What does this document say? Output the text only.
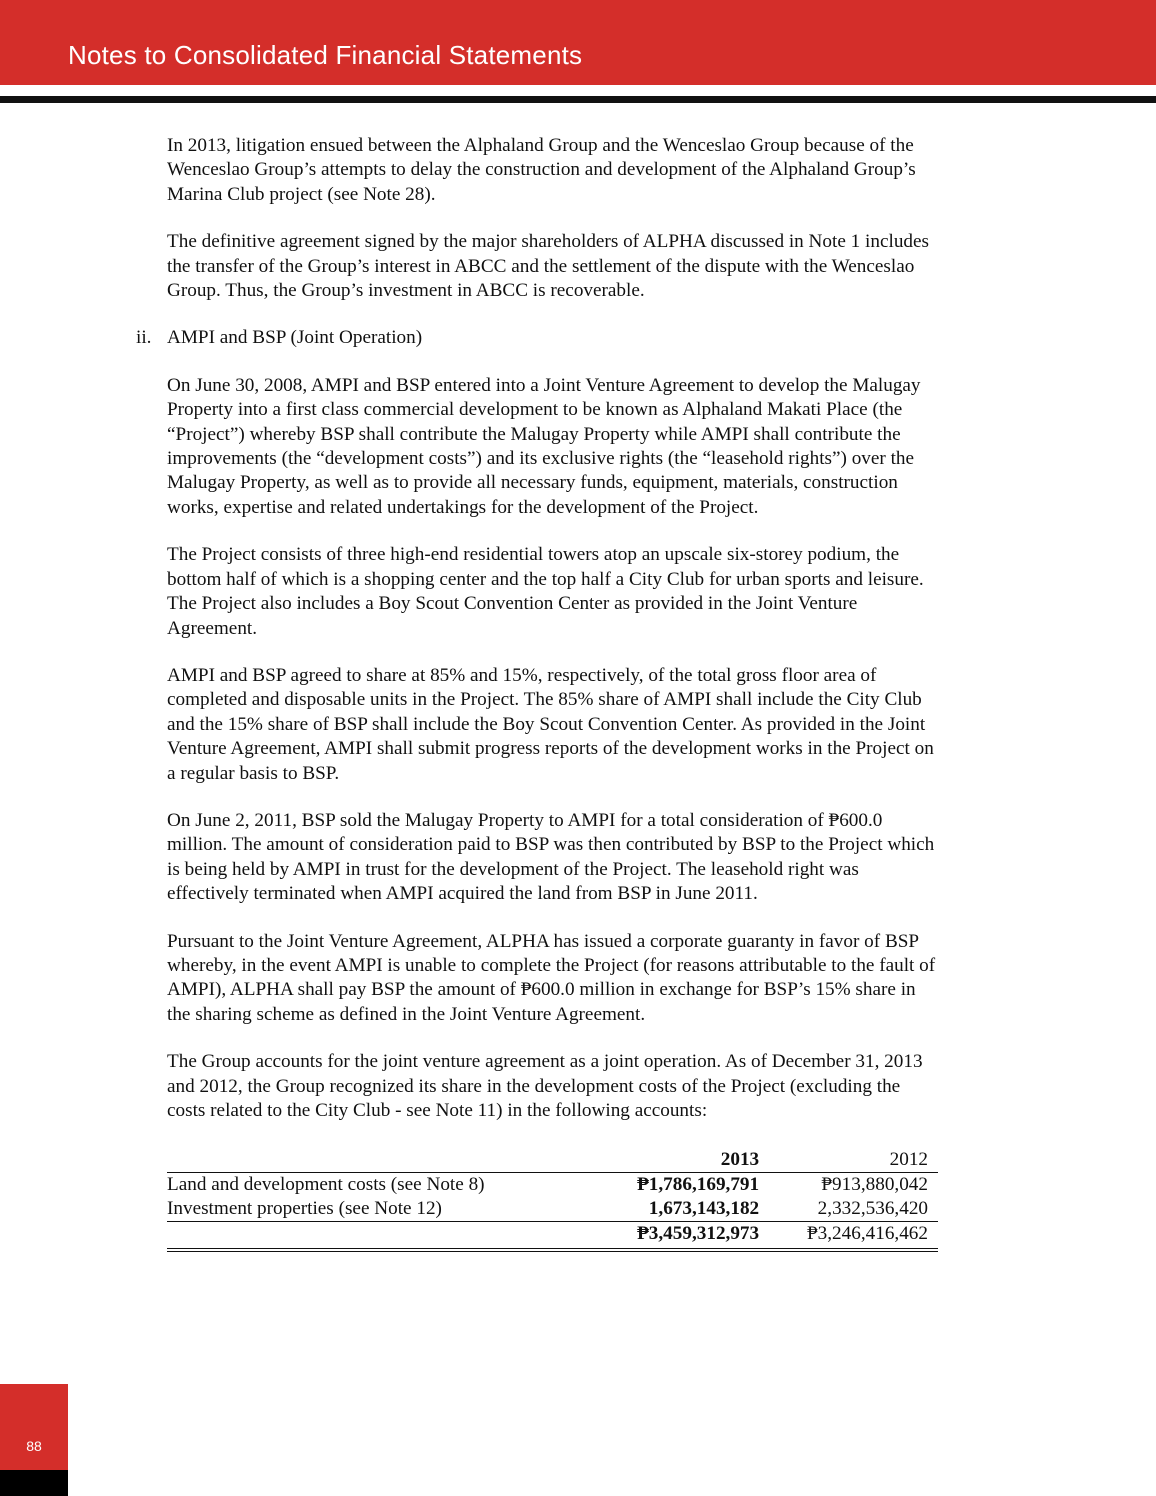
Notes to Consolidated Financial Statements

In 2013, litigation ensued between the Alphaland Group and the Wenceslao Group because of the Wenceslao Group’s attempts to delay the construction and development of the Alphaland Group’s Marina Club project (see Note 28).

The definitive agreement signed by the major shareholders of ALPHA discussed in Note 1 includes the transfer of the Group’s interest in ABCC and the settlement of the dispute with the Wenceslao Group. Thus, the Group’s investment in ABCC is recoverable.

ii. AMPI and BSP (Joint Operation)

On June 30, 2008, AMPI and BSP entered into a Joint Venture Agreement to develop the Malugay Property into a first class commercial development to be known as Alphaland Makati Place (the “Project”) whereby BSP shall contribute the Malugay Property while AMPI shall contribute the improvements (the “development costs”) and its exclusive rights (the “leasehold rights”) over the Malugay Property, as well as to provide all necessary funds, equipment, materials, construction works, expertise and related undertakings for the development of the Project.

The Project consists of three high-end residential towers atop an upscale six-storey podium, the bottom half of which is a shopping center and the top half a City Club for urban sports and leisure. The Project also includes a Boy Scout Convention Center as provided in the Joint Venture Agreement.

AMPI and BSP agreed to share at 85% and 15%, respectively, of the total gross floor area of completed and disposable units in the Project. The 85% share of AMPI shall include the City Club and the 15% share of BSP shall include the Boy Scout Convention Center. As provided in the Joint Venture Agreement, AMPI shall submit progress reports of the development works in the Project on a regular basis to BSP.

On June 2, 2011, BSP sold the Malugay Property to AMPI for a total consideration of ₱600.0 million. The amount of consideration paid to BSP was then contributed by BSP to the Project which is being held by AMPI in trust for the development of the Project. The leasehold right was effectively terminated when AMPI acquired the land from BSP in June 2011.

Pursuant to the Joint Venture Agreement, ALPHA has issued a corporate guaranty in favor of BSP whereby, in the event AMPI is unable to complete the Project (for reasons attributable to the fault of AMPI), ALPHA shall pay BSP the amount of ₱600.0 million in exchange for BSP’s 15% share in the sharing scheme as defined in the Joint Venture Agreement.

The Group accounts for the joint venture agreement as a joint operation. As of December 31, 2013 and 2012, the Group recognized its share in the development costs of the Project (excluding the costs related to the City Club - see Note 11) in the following accounts:

	2013	2012
Land and development costs (see Note 8)	₱1,786,169,791	₱913,880,042
Investment properties (see Note 12)	1,673,143,182	2,332,536,420
	₱3,459,312,973	₱3,246,416,462
88
